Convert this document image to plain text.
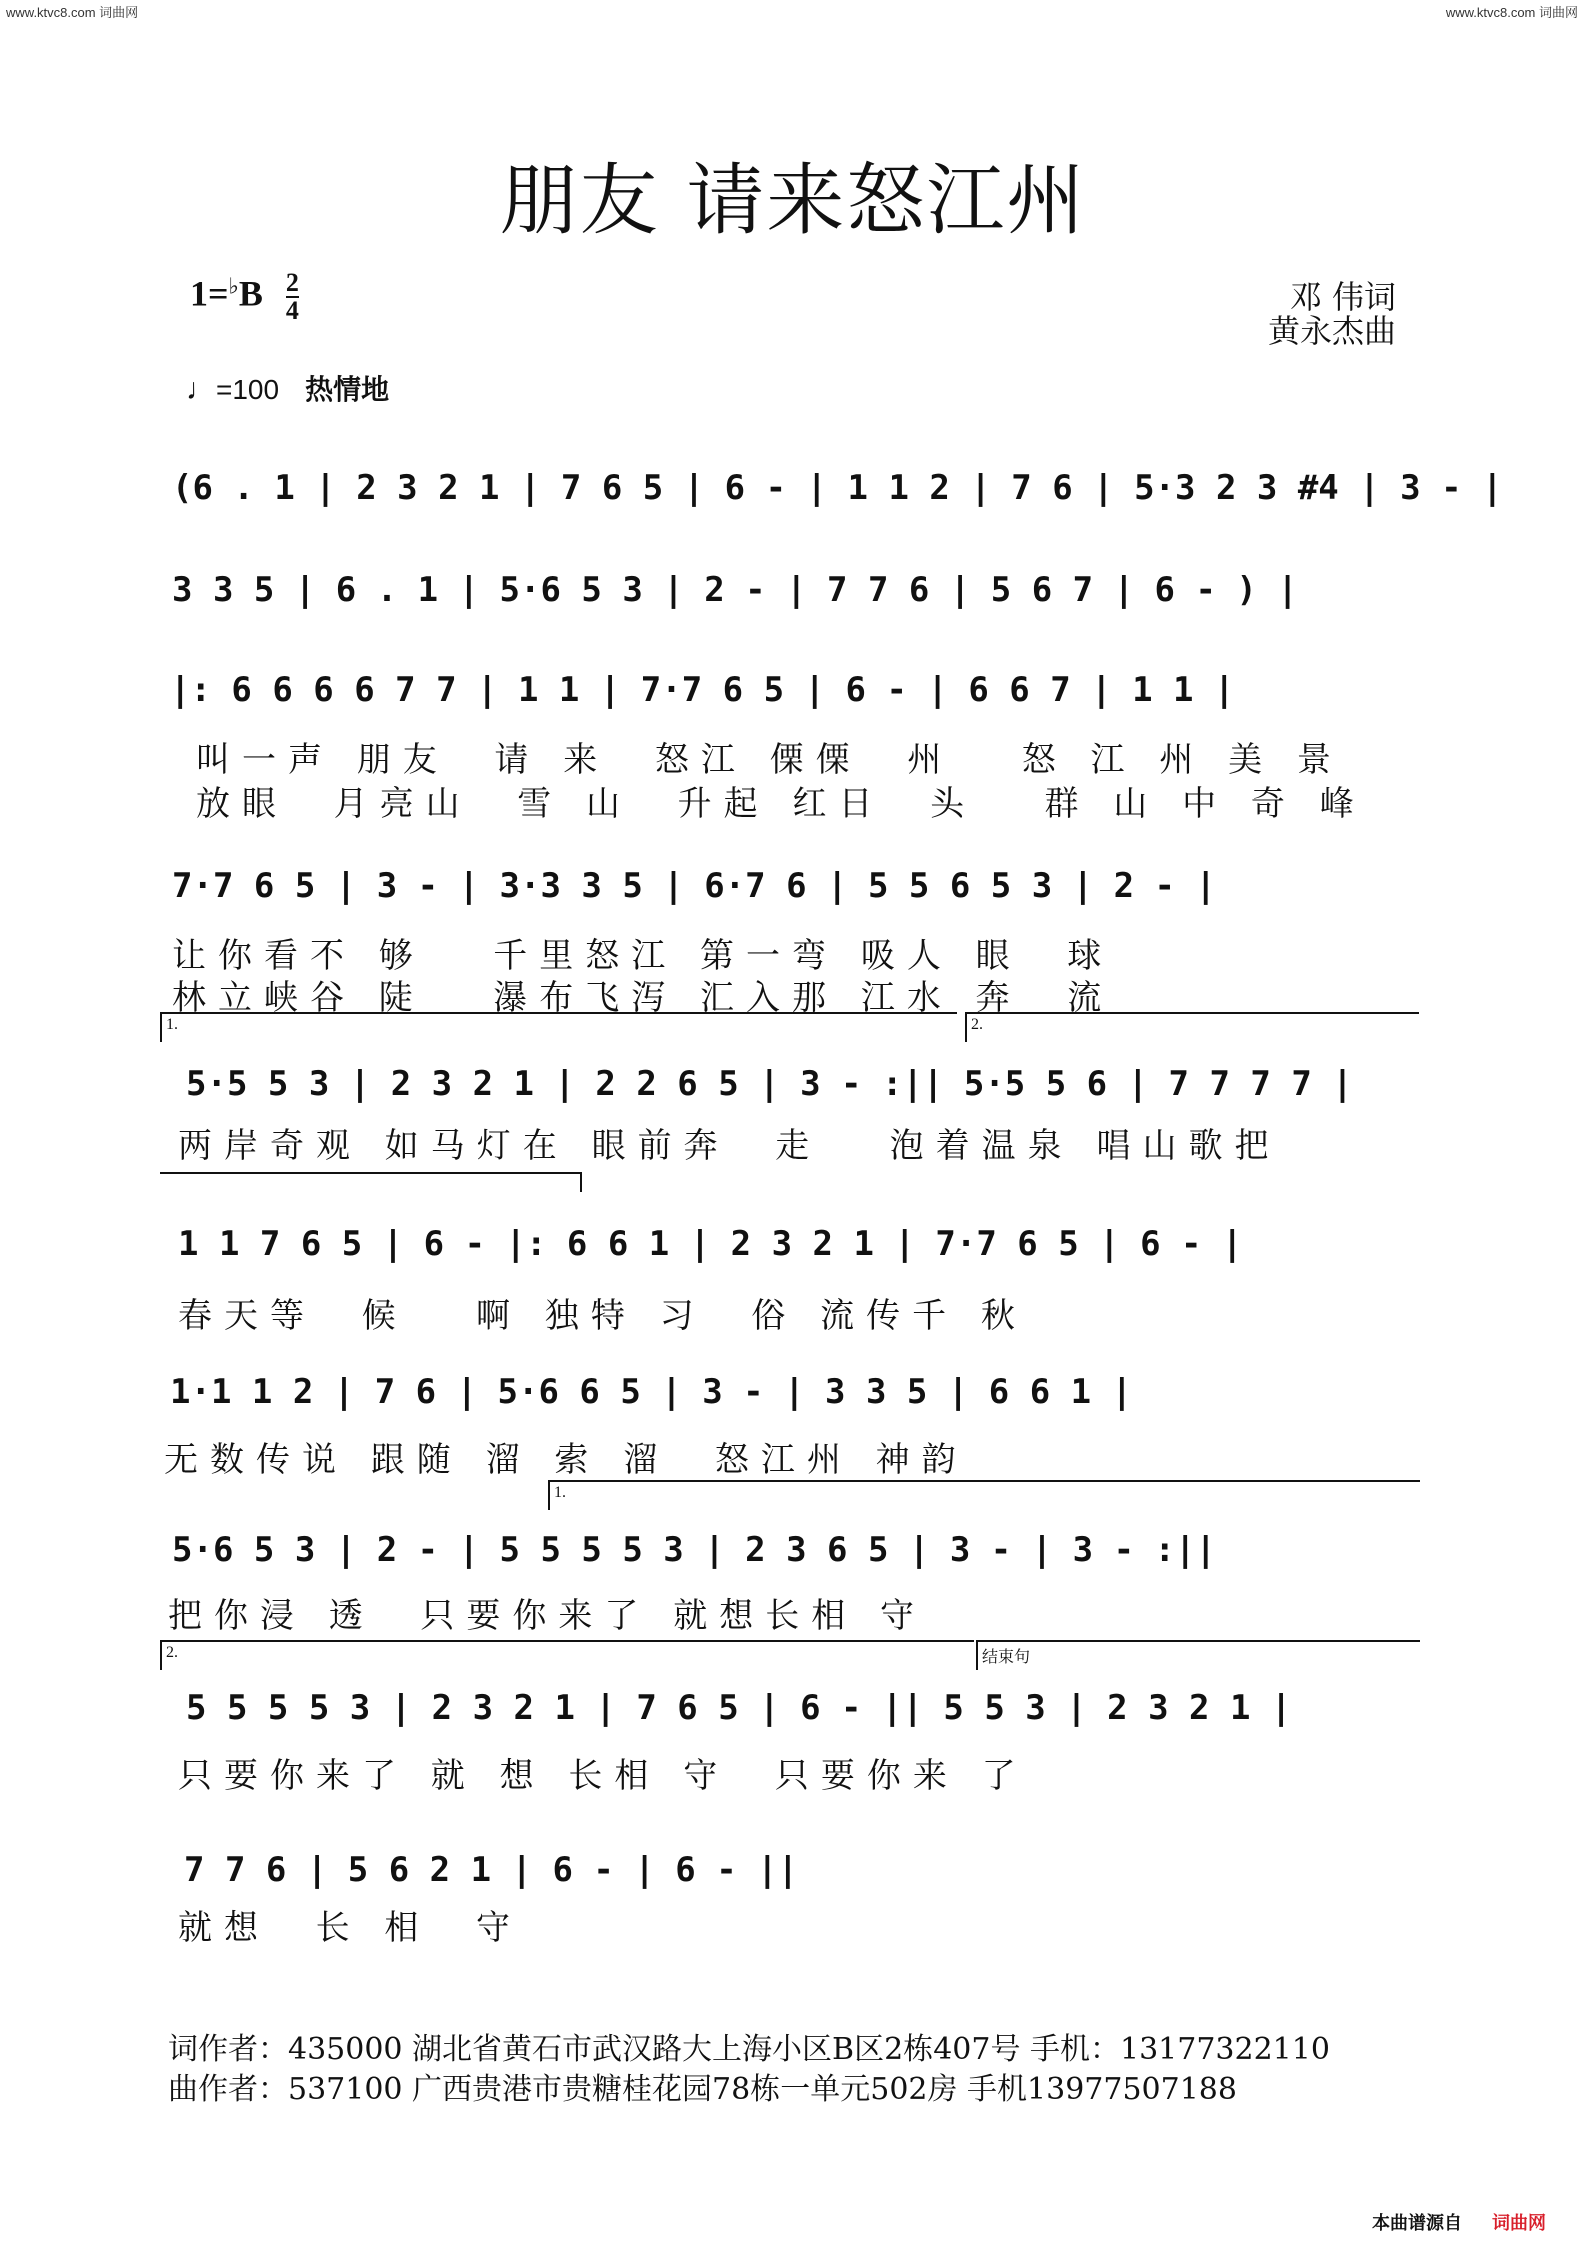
www.ktvc8.com 词曲网	www.ktvc8.com 词曲网
朋友 请来怒江州
$1=^♭B \frac{2}{4}$	邓 伟词
黄永杰曲
♩=100 热情地
(6 . 1 | 2 3 2 1 | 7 6 5 | 6 - | 1 1 2 | 7 6 | 5·3 2 3 #4 | 3 - |
3 3 5 | 6 . 1 | 5·6 5 3 | 2 - | 7 7 6 | 5 6 7 | 6 - ) |
|: 6 6 6 6 7 7 | 1 1 | 7·7 6 5 | 6 - | 6 6 7 | 1 1 |
叫一声 朋友  请 来  怒江 傈傈  州   怒 江 州 美 景
放眼  月亮山  雪 山  升起 红日  头   群 山 中 奇 峰
7·7 6 5 | 3 - | 3·3 3 5 | 6·7 6 | 5 5 6 5 3 | 2 - |
让你看不 够   千里怒江 第一弯 吸人 眼  球
林立峡谷 陡   瀑布飞泻 汇入那 江水 奔  流
1.	2.
5·5 5 3 | 2 3 2 1 | 2 2 6 5 | 3 - :|| 5·5 5 6 | 7 7 7 7 |
两岸奇观 如马灯在 眼前奔  走   泡着温泉 唱山歌把
1 1 7 6 5 | 6 - |: 6 6 1 | 2 3 2 1 | 7·7 6 5 | 6 - |
春天等  候   啊 独特 习  俗 流传千 秋
1·1 1 2 | 7 6 | 5·6 6 5 | 3 - | 3 3 5 | 6 6 1 |
无数传说 跟随 溜 索 溜  怒江州 神韵
1.
5·6 5 3 | 2 - | 5 5 5 5 3 | 2 3 6 5 | 3 - | 3 - :||
把你浸 透  只要你来了 就想长相 守
2.	结束句
5 5 5 5 3 | 2 3 2 1 | 7 6 5 | 6 - || 5 5 3 | 2 3 2 1 |
只要你来了 就 想 长相 守  只要你来 了
7 7 6 | 5 6 2 1 | 6 - | 6 - ||
就想  长 相  守
词作者：435000 湖北省黄石市武汉路大上海小区B区2栋407号 手机：13177322110
曲作者：537100 广西贵港市贵糖桂花园78栋一单元502房 手机13977507188
本曲谱源自 词曲网
